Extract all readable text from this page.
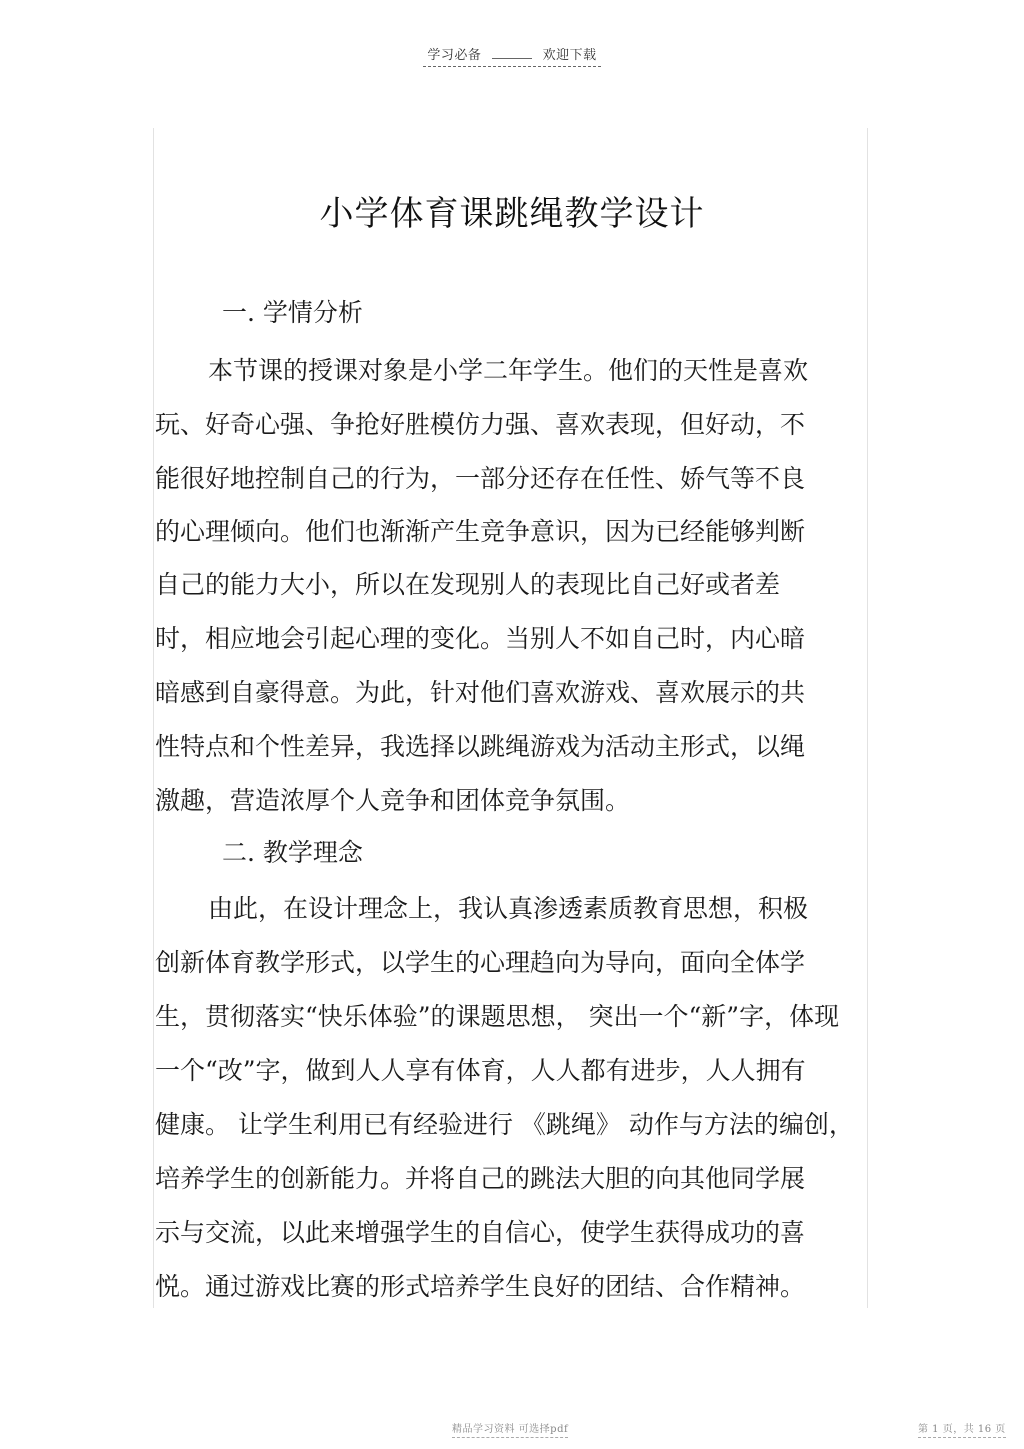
学习必备	欢迎下载
小学体育课跳绳教学设计
一. 学情分析
本节课的授课对象是小学二年学生。他们的天性是喜欢
玩、好奇心强、争抢好胜模仿力强、喜欢表现，但好动，不
能很好地控制自己的行为，一部分还存在任性、娇气等不良
的心理倾向。他们也渐渐产生竞争意识，因为已经能够判断
自己的能力大小，所以在发现别人的表现比自己好或者差
时，相应地会引起心理的变化。当别人不如自己时，内心暗
暗感到自豪得意。为此，针对他们喜欢游戏、喜欢展示的共
性特点和个性差异，我选择以跳绳游戏为活动主形式，以绳
激趣，营造浓厚个人竞争和团体竞争氛围。
二. 教学理念
由此，在设计理念上，我认真渗透素质教育思想，积极
创新体育教学形式，以学生的心理趋向为导向，面向全体学
生，贯彻落实“快乐体验”的课题思想， 突出一个“新”字，体现
一个“改”字，做到人人享有体育，人人都有进步，人人拥有
健康。 让学生利用已有经验进行 《跳绳》 动作与方法的编创，
培养学生的创新能力。并将自己的跳法大胆的向其他同学展
示与交流，以此来增强学生的自信心，使学生获得成功的喜
悦。通过游戏比赛的形式培养学生良好的团结、合作精神。
精品学习资料 可选择pdf	第 1 页，共 16 页
